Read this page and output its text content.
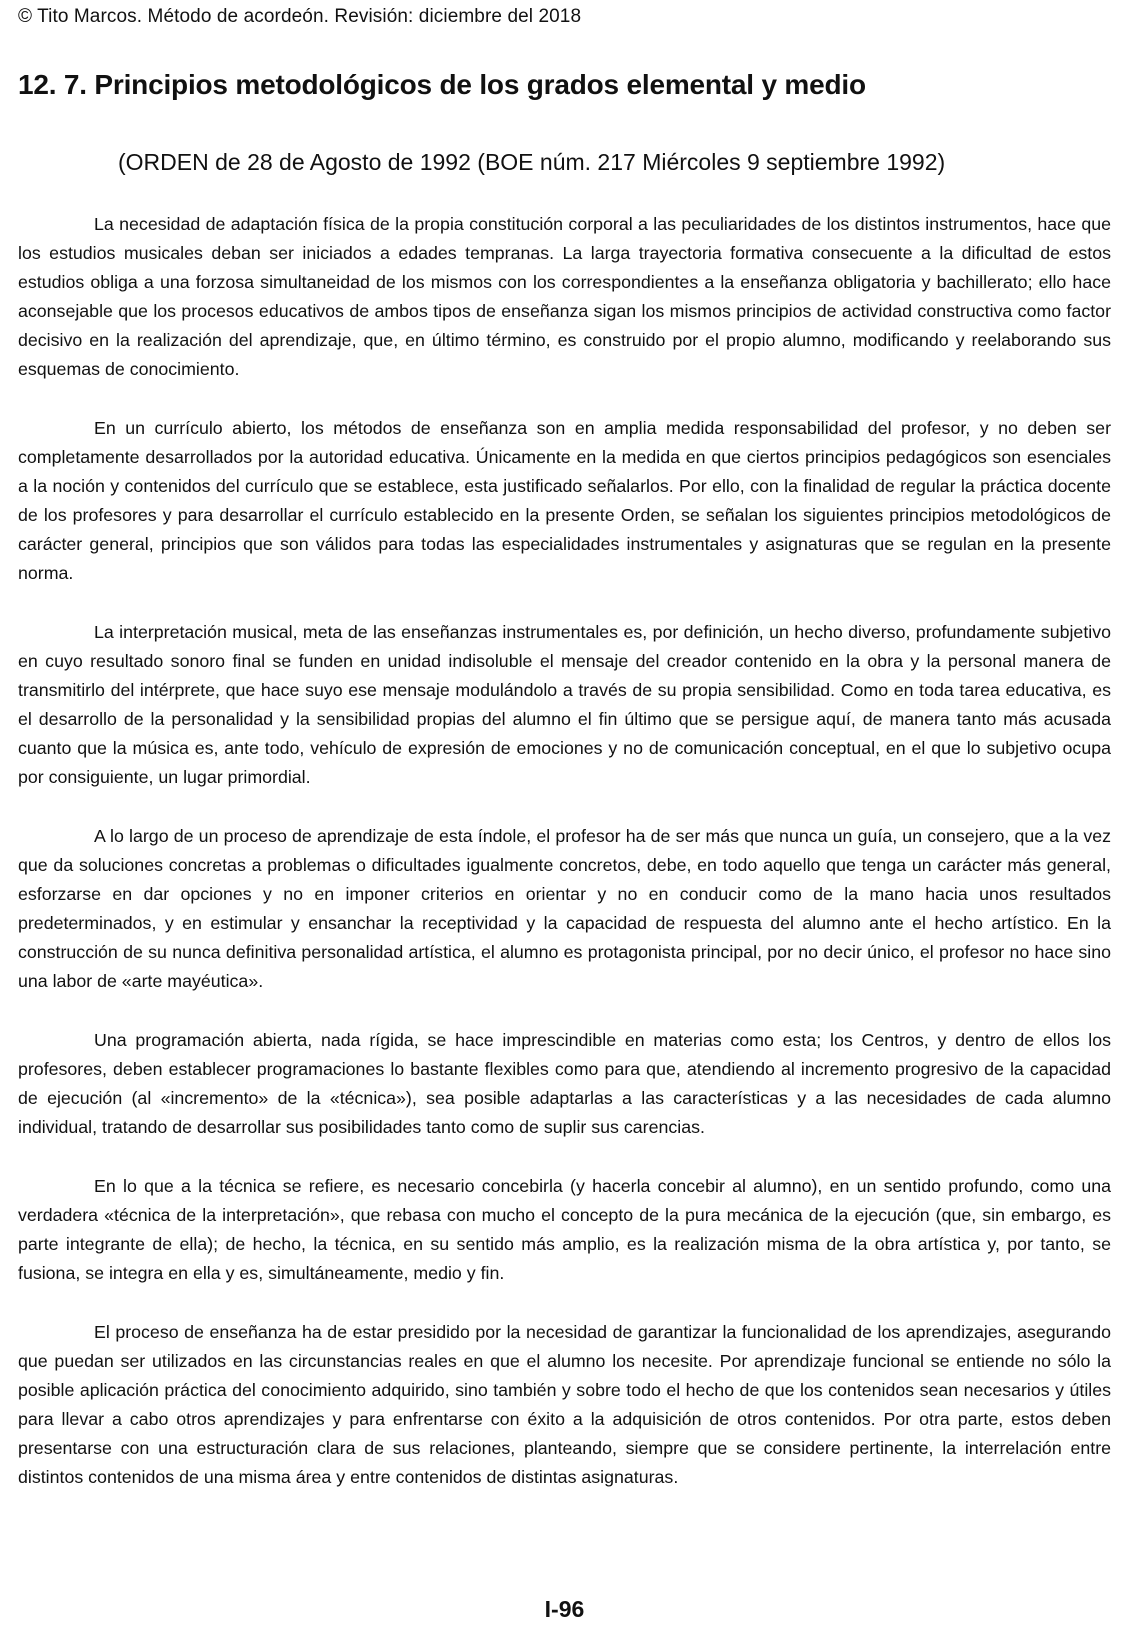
© Tito Marcos. Método de acordeón. Revisión: diciembre del 2018
12. 7. Principios metodológicos de los grados elemental y medio
(ORDEN de 28 de Agosto de 1992 (BOE núm. 217 Miércoles 9 septiembre 1992)

La necesidad de adaptación física de la propia constitución corporal a las peculiaridades de los distintos instrumentos, hace que los estudios musicales deban ser iniciados a edades tempranas. La larga trayectoria formativa consecuente a la dificultad de estos estudios obliga a una forzosa simultaneidad de los mismos con los correspondientes a la enseñanza obligatoria y bachillerato; ello hace aconsejable que los procesos educativos de ambos tipos de enseñanza sigan los mismos principios de actividad constructiva como factor decisivo en la realización del aprendizaje, que, en último término, es construido por el propio alumno, modificando y reelaborando sus esquemas de conocimiento.

En un currículo abierto, los métodos de enseñanza son en amplia medida responsabilidad del profesor, y no deben ser completamente desarrollados por la autoridad educativa. Únicamente en la medida en que ciertos principios pedagógicos son esenciales a la noción y contenidos del currículo que se establece, esta justificado señalarlos. Por ello, con la finalidad de regular la práctica docente de los profesores y para desarrollar el currículo establecido en la presente Orden, se señalan los siguientes principios metodológicos de carácter general, principios que son válidos para todas las especialidades instrumentales y asignaturas que se regulan en la presente norma.

La interpretación musical, meta de las enseñanzas instrumentales es, por definición, un hecho diverso, profundamente subjetivo en cuyo resultado sonoro final se funden en unidad indisoluble el mensaje del creador contenido en la obra y la personal manera de transmitirlo del intérprete, que hace suyo ese mensaje modulándolo a través de su propia sensibilidad. Como en toda tarea educativa, es el desarrollo de la personalidad y la sensibilidad propias del alumno el fin último que se persigue aquí, de manera tanto más acusada cuanto que la música es, ante todo, vehículo de expresión de emociones y no de comunicación conceptual, en el que lo subjetivo ocupa por consiguiente, un lugar primordial.

A lo largo de un proceso de aprendizaje de esta índole, el profesor ha de ser más que nunca un guía, un consejero, que a la vez que da soluciones concretas a problemas o dificultades igualmente concretos, debe, en todo aquello que tenga un carácter más general, esforzarse en dar opciones y no en imponer criterios en orientar y no en conducir como de la mano hacia unos resultados predeterminados, y en estimular y ensanchar la receptividad y la capacidad de respuesta del alumno ante el hecho artístico. En la construcción de su nunca definitiva personalidad artística, el alumno es protagonista principal, por no decir único, el profesor no hace sino una labor de «arte mayéutica».

Una programación abierta, nada rígida, se hace imprescindible en materias como esta; los Centros, y dentro de ellos los profesores, deben establecer programaciones lo bastante flexibles como para que, atendiendo al incremento progresivo de la capacidad de ejecución (al «incremento» de la «técnica»), sea posible adaptarlas a las características y a las necesidades de cada alumno individual, tratando de desarrollar sus posibilidades tanto como de suplir sus carencias.

En lo que a la técnica se refiere, es necesario concebirla (y hacerla concebir al alumno), en un sentido profundo, como una verdadera «técnica de la interpretación», que rebasa con mucho el concepto de la pura mecánica de la ejecución (que, sin embargo, es parte integrante de ella); de hecho, la técnica, en su sentido más amplio, es la realización misma de la obra artística y, por tanto, se fusiona, se integra en ella y es, simultáneamente, medio y fin.

El proceso de enseñanza ha de estar presidido por la necesidad de garantizar la funcionalidad de los aprendizajes, asegurando que puedan ser utilizados en las circunstancias reales en que el alumno los necesite. Por aprendizaje funcional se entiende no sólo la posible aplicación práctica del conocimiento adquirido, sino también y sobre todo el hecho de que los contenidos sean necesarios y útiles para llevar a cabo otros aprendizajes y para enfrentarse con éxito a la adquisición de otros contenidos. Por otra parte, estos deben presentarse con una estructuración clara de sus relaciones, planteando, siempre que se considere pertinente, la interrelación entre distintos contenidos de una misma área y entre contenidos de distintas asignaturas.

I-96
